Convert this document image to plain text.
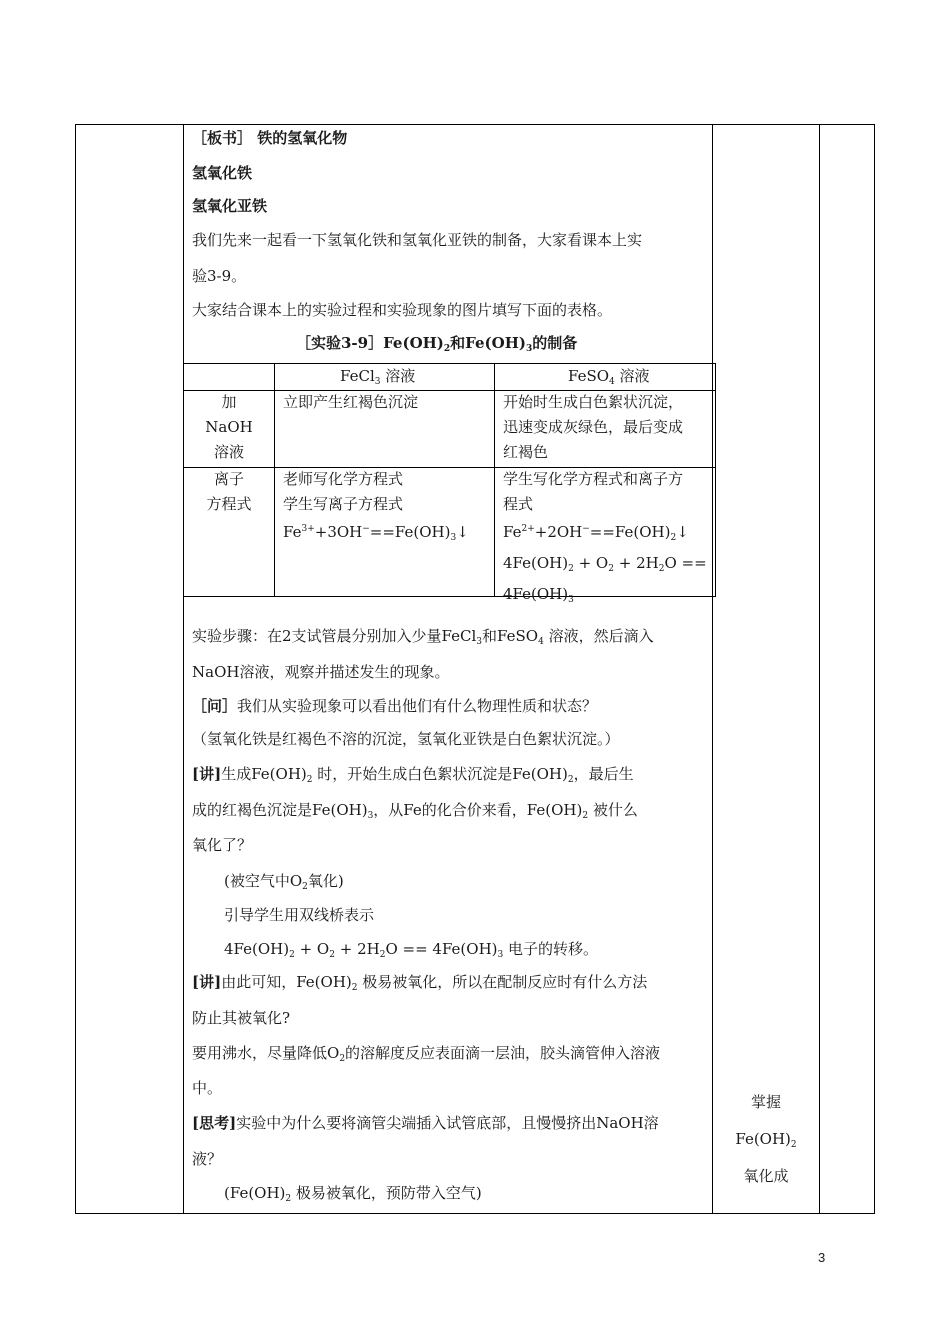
［板书］ 铁的氢氧化物
氢氧化铁
氢氧化亚铁
我们先来一起看一下氢氧化铁和氢氧化亚铁的制备，大家看课本上实
验3-9。
大家结合课本上的实验过程和实验现象的图片填写下面的表格。
［实验$3-9]Fe(OH)_2$和$Fe(OH)_3$的制备
FeCl$_3$ 溶液	FeSO$_4$ 溶液
加
NaOH
溶液
立即产生红褐色沉淀	开始时生成白色絮状沉淀，
迅速变成灰绿色，最后变成
红褐色
离子
方程式
老师写化学方程式
学生写离子方程式
$Fe^{3+}+3OH^-==Fe(OH)_3↓$
学生写化学方程式和离子方
程式
$Fe^{2+}+2OH^-==Fe(OH)_2↓$
$4Fe(OH)_2 + O_2 + 2H_2O$ ==
$4Fe(OH)_3$
实验步骤：在2支试管晨分别加入少量FeCl$_3$和FeSO$_4$ 溶液，然后滴入
NaOH溶液，观察并描述发生的现象。
［问］我们从实验现象可以看出他们有什么物理性质和状态？
（氢氧化铁是红褐色不溶的沉淀，氢氧化亚铁是白色絮状沉淀。）
[讲]生成$Fe(OH)_2$ 时，开始生成白色絮状沉淀是$Fe(OH)_2$，最后生
成的红褐色沉淀是$Fe(OH)_3$，从Fe的化合价来看，$Fe(OH)_2$ 被什么
氧化了？
(被空气中$O_2$氧化)
引导学生用双线桥表示
$4Fe(OH)_2 + O_2 + 2H_2O == 4Fe(OH)_3$ 电子的转移。
[讲]由此可知，$Fe(OH)_2$ 极易被氧化，所以在配制反应时有什么方法
防止其被氧化?
要用沸水，尽量降低$O_2$的溶解度反应表面滴一层油，胶头滴管伸入溶液
中。
[思考]实验中为什么要将滴管尖端插入试管底部，且慢慢挤出NaOH溶
液？
($Fe(OH)_2$ 极易被氧化，预防带入空气)
掌握
$Fe(OH)_2$
氧化成
3
